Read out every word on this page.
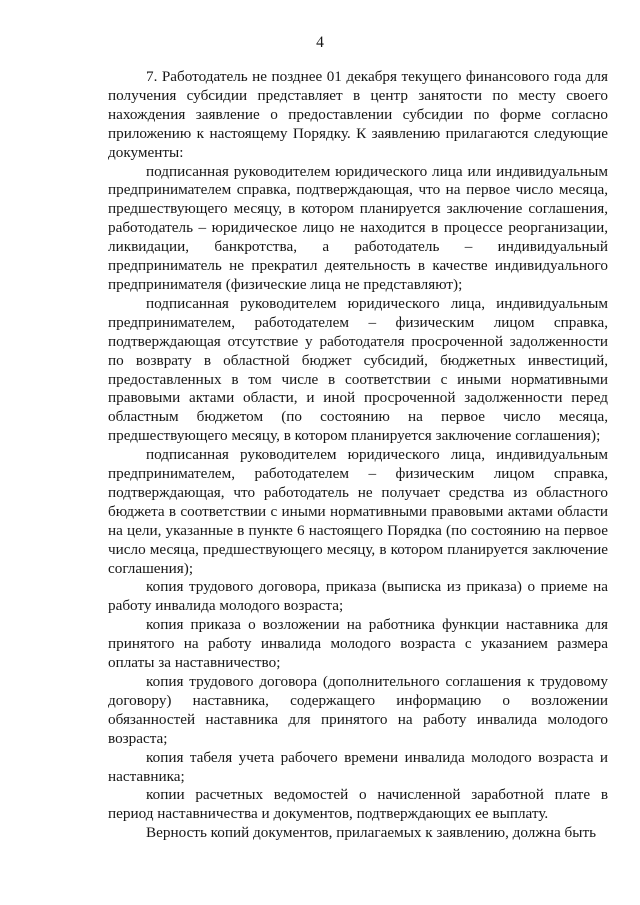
4

7. Работодатель не позднее 01 декабря текущего финансового года для получения субсидии представляет в центр занятости по месту своего нахождения заявление о предоставлении субсидии по форме согласно приложению к настоящему Порядку. К заявлению прилагаются следующие документы:

подписанная руководителем юридического лица или индивидуальным предпринимателем справка, подтверждающая, что на первое число месяца, предшествующего месяцу, в котором планируется заключение соглашения, работодатель – юридическое лицо не находится в процессе реорганизации, ликвидации, банкротства, а работодатель – индивидуальный предприниматель не прекратил деятельность в качестве индивидуального предпринимателя (физические лица не представляют);

подписанная руководителем юридического лица, индивидуальным предпринимателем, работодателем – физическим лицом справка, подтверждающая отсутствие у работодателя просроченной задолженности по возврату в областной бюджет субсидий, бюджетных инвестиций, предоставленных в том числе в соответствии с иными нормативными правовыми актами области, и иной просроченной задолженности перед областным бюджетом (по состоянию на первое число месяца, предшествующего месяцу, в котором планируется заключение соглашения);

подписанная руководителем юридического лица, индивидуальным предпринимателем, работодателем – физическим лицом справка, подтверждающая, что работодатель не получает средства из областного бюджета в соответствии с иными нормативными правовыми актами области на цели, указанные в пункте 6 настоящего Порядка (по состоянию на первое число месяца, предшествующего месяцу, в котором планируется заключение соглашения);

копия трудового договора, приказа (выписка из приказа) о приеме на работу инвалида молодого возраста;

копия приказа о возложении на работника функции наставника для принятого на работу инвалида молодого возраста с указанием размера оплаты за наставничество;

копия трудового договора (дополнительного соглашения к трудовому договору) наставника, содержащего информацию о возложении обязанностей наставника для принятого на работу инвалида молодого возраста;

копия табеля учета рабочего времени инвалида молодого возраста и наставника;

копии расчетных ведомостей о начисленной заработной плате в период наставничества и документов, подтверждающих ее выплату.

Верность копий документов, прилагаемых к заявлению, должна быть
